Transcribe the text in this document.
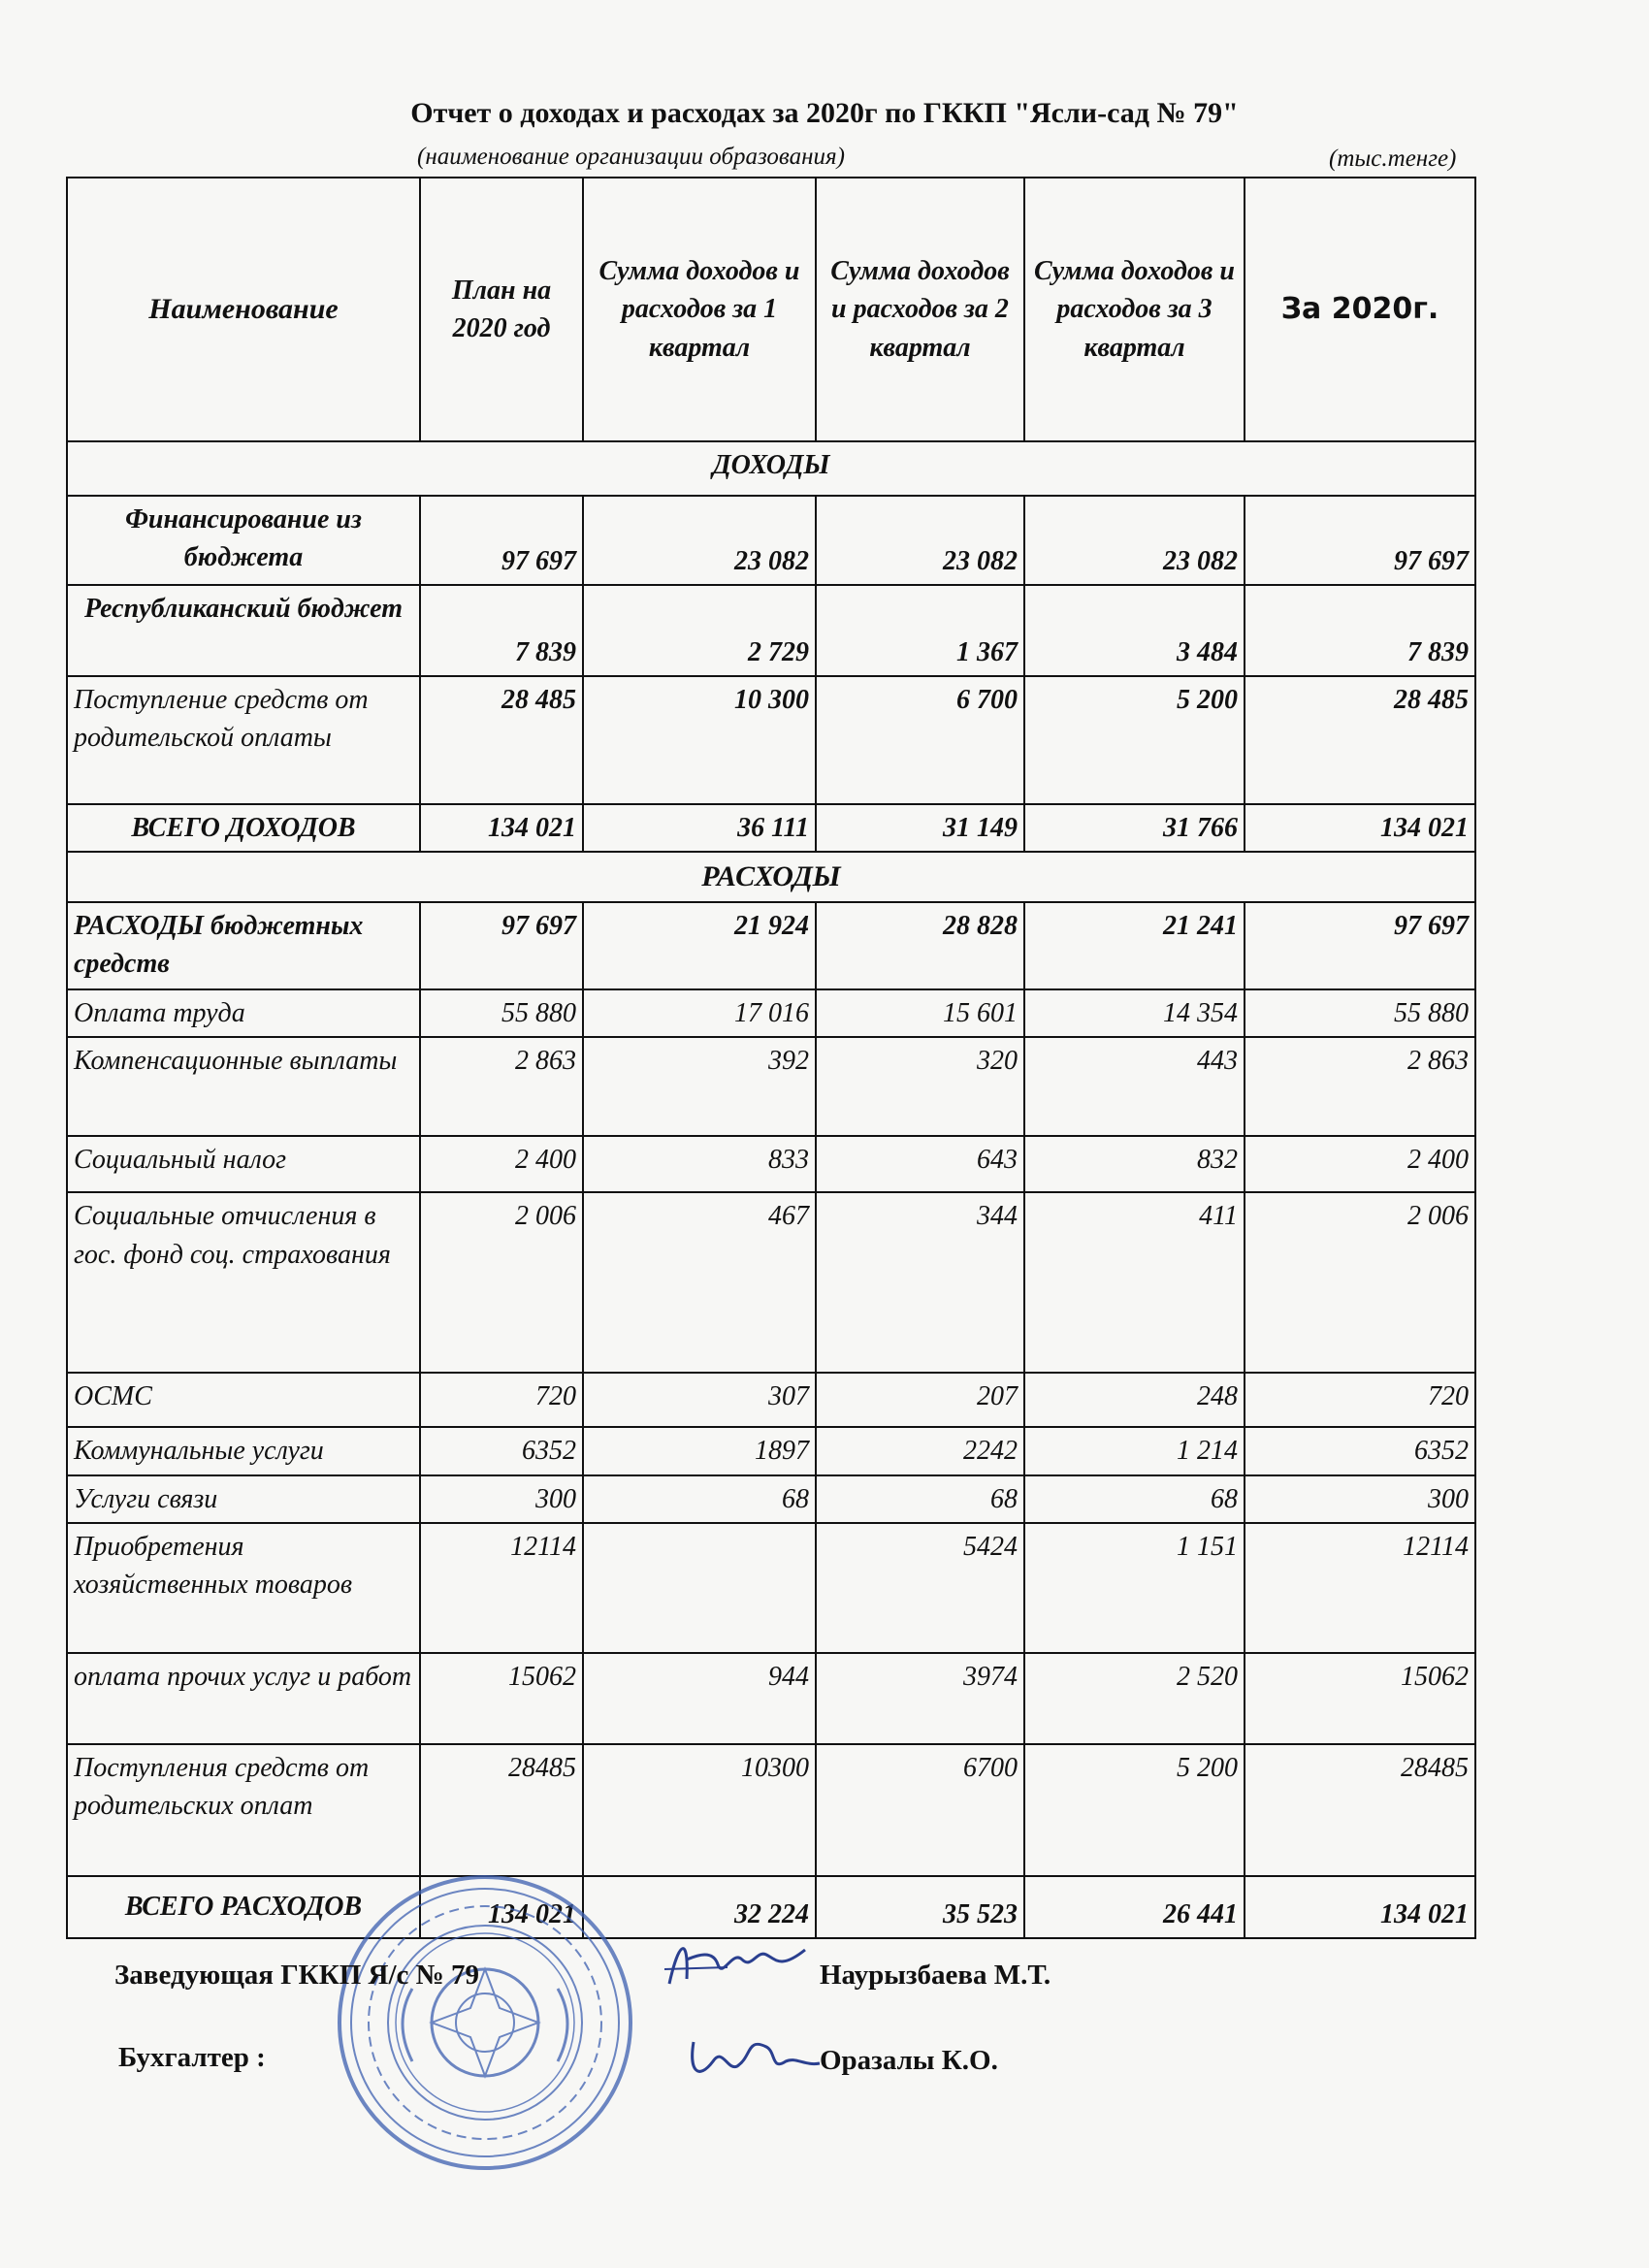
Отчет о доходах и расходах за 2020г по ГККП "Ясли-сад № 79"
(наименование организации образования)	(тыс.тенге)
Наименование	План на 2020 год	Сумма доходов и расходов за 1 квартал	Сумма доходов и расходов за 2 квартал	Сумма доходов и расходов за 3 квартал	За 2020г.
ДОХОДЫ					
Финансирование из бюджета	97 697	23 082	23 082	23 082	97 697
Республиканский бюджет	7 839	2 729	1 367	3 484	7 839
Поступление средств от родительской оплаты	28 485	10 300	6 700	5 200	28 485
ВСЕГО ДОХОДОВ	134 021	36 111	31 149	31 766	134 021
РАСХОДЫ					
РАСХОДЫ бюджетных средств	97 697	21 924	28 828	21 241	97 697
Оплата труда	55 880	17 016	15 601	14 354	55 880
Компенсационные выплаты	2 863	392	320	443	2 863
Социальный налог	2 400	833	643	832	2 400
Социальные отчисления в гос. фонд соц. страхования	2 006	467	344	411	2 006
ОСМС	720	307	207	248	720
Коммунальные услуги	6352	1897	2242	1 214	6352
Услуги связи	300	68	68	68	300
Приобретения хозяйственных товаров	12114		5424	1 151	12114
оплата прочих услуг и работ	15062	944	3974	2 520	15062
Поступления средств от родительских оплат	28485	10300	6700	5 200	28485
ВСЕГО РАСХОДОВ	134 021	32 224	35 523	26 441	134 021
Заведующая ГККП Я/с № 79	Наурызбаева М.Т.
Бухгалтер :	Оразалы К.О.
